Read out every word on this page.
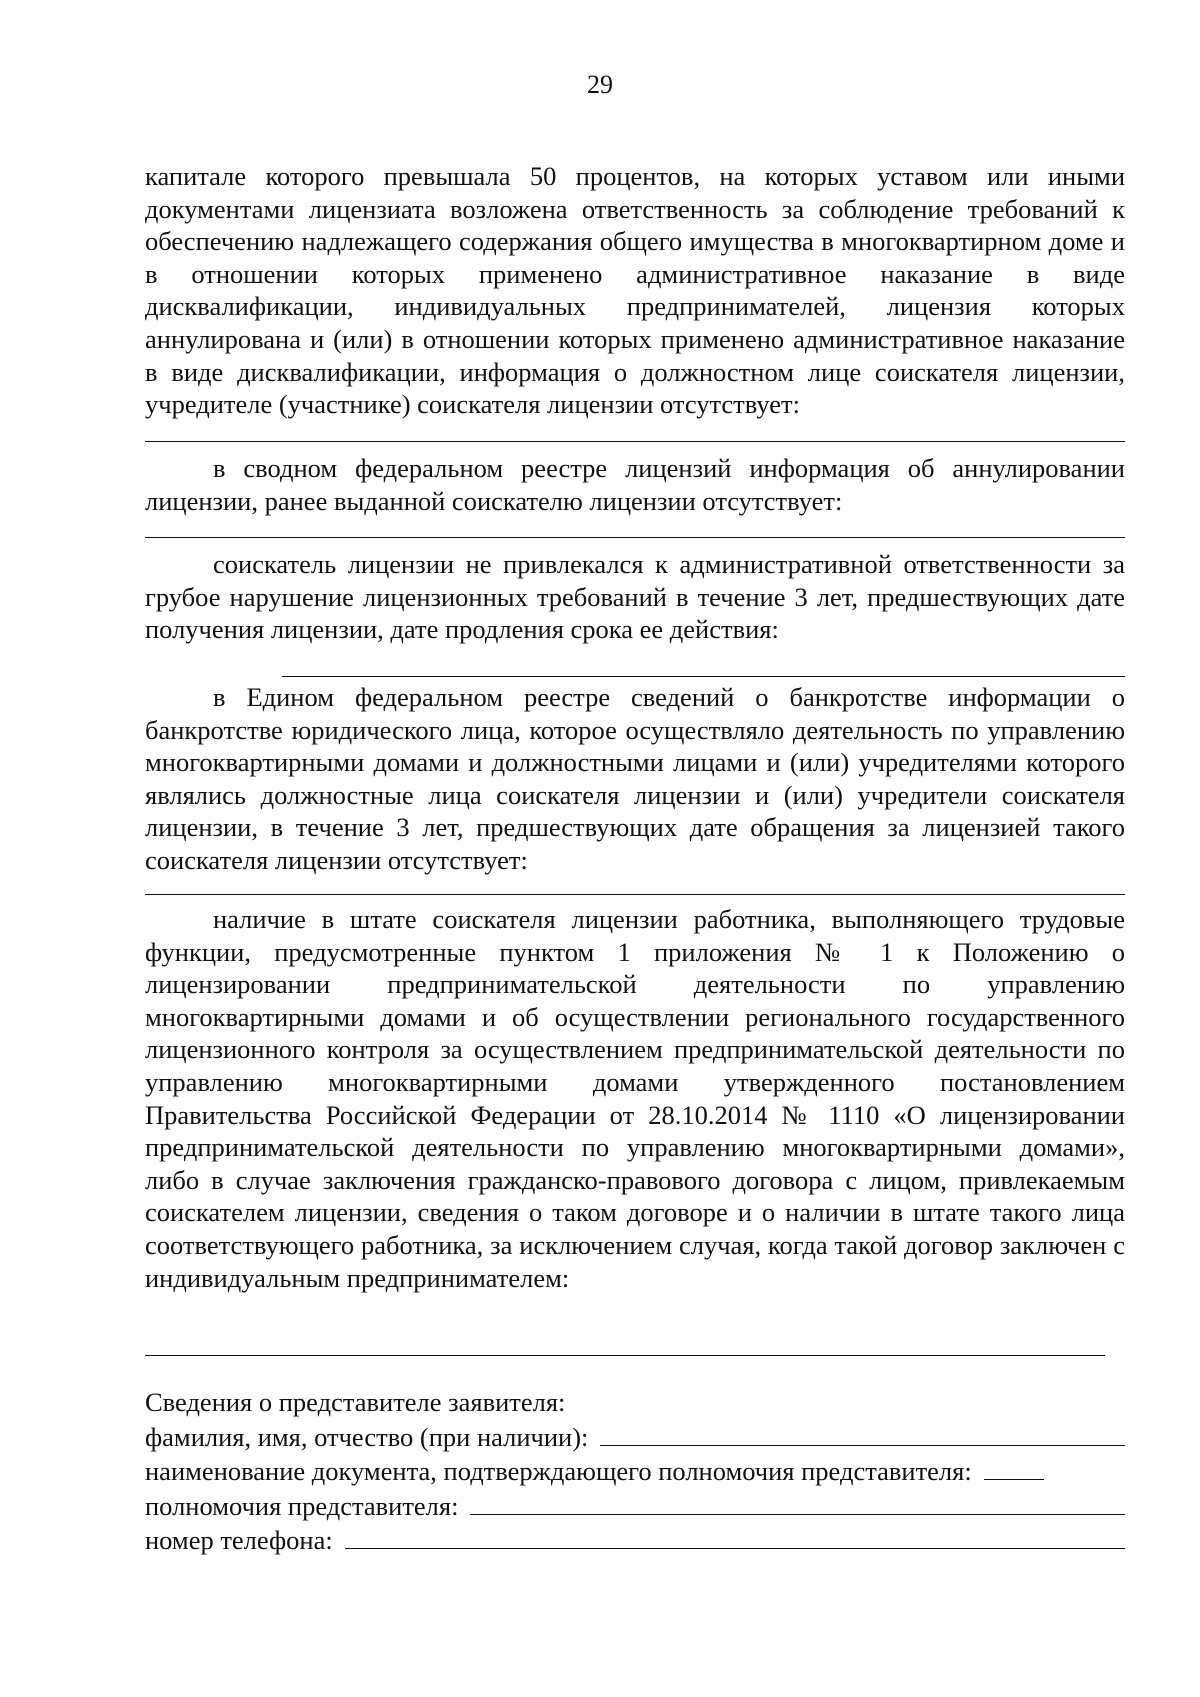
29

капитале которого превышала 50 процентов, на которых уставом или иными документами лицензиата возложена ответственность за соблюдение требований к обеспечению надлежащего содержания общего имущества в многоквартирном доме и в отношении которых применено административное наказание в виде дисквалификации, индивидуальных предпринимателей, лицензия которых аннулирована и (или) в отношении которых применено административное наказание в виде дисквалификации, информация о должностном лице соискателя лицензии, учредителе (участнике) соискателя лицензии отсутствует:

в сводном федеральном реестре лицензий информация об аннулировании лицензии, ранее выданной соискателю лицензии отсутствует:

соискатель лицензии не привлекался к административной ответственности за грубое нарушение лицензионных требований в течение 3 лет, предшествующих дате получения лицензии, дате продления срока ее действия:

в Едином федеральном реестре сведений о банкротстве информации о банкротстве юридического лица, которое осуществляло деятельность по управлению многоквартирными домами и должностными лицами и (или) учредителями которого являлись должностные лица соискателя лицензии и (или) учредители соискателя лицензии, в течение 3 лет, предшествующих дате обращения за лицензией такого соискателя лицензии отсутствует:

наличие в штате соискателя лицензии работника, выполняющего трудовые функции, предусмотренные пунктом 1 приложения № 1 к Положению о лицензировании предпринимательской деятельности по управлению многоквартирными домами и об осуществлении регионального государственного лицензионного контроля за осуществлением предпринимательской деятельности по управлению многоквартирными домами утвержденного постановлением Правительства Российской Федерации от 28.10.2014 № 1110 «О лицензировании предпринимательской деятельности по управлению многоквартирными домами», либо в случае заключения гражданско-правового договора с лицом, привлекаемым соискателем лицензии, сведения о таком договоре и о наличии в штате такого лица соответствующего работника, за исключением случая, когда такой договор заключен с индивидуальным предпринимателем:

Сведения о представителе заявителя:
фамилия, имя, отчество (при наличии):
наименование документа, подтверждающего полномочия представителя:
полномочия представителя:
номер телефона:
